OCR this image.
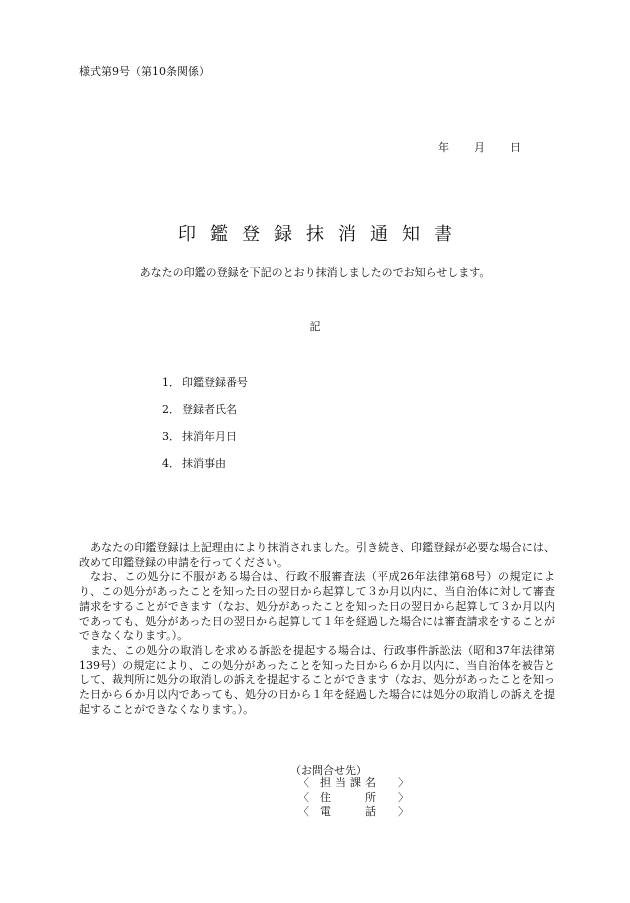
様式第9号（第10条関係）
年	月	日
印鑑登録抹消通知書
あなたの印鑑の登録を下記のとおり抹消しましたのでお知らせします。
記
1． 印鑑登録番号
2． 登録者氏名
3． 抹消年月日
4． 抹消事由

あなたの印鑑登録は上記理由により抹消されました。引き続き、印鑑登録が必要な場合には、改めて印鑑登録の申請を行ってください。

なお、この処分に不服がある場合は、行政不服審査法（平成26年法律第68号）の規定により、この処分があったことを知った日の翌日から起算して３か月以内に、当自治体に対して審査請求をすることができます（なお、処分があったことを知った日の翌日から起算して３か月以内であっても、処分があった日の翌日から起算して１年を経過した場合には審査請求をすることができなくなります。）。

また、この処分の取消しを求める訴訟を提起する場合は、行政事件訴訟法（昭和37年法律第139号）の規定により、この処分があったことを知った日から６か月以内に、当自治体を被告として、裁判所に処分の取消しの訴えを提起することができます（なお、処分があったことを知った日から６か月以内であっても、処分の日から１年を経過した場合には処分の取消しの訴えを提起することができなくなります。）。

（お問合せ先）
〈	担当課名 〉
〈	住　　所 〉
〈	電　　話 〉
